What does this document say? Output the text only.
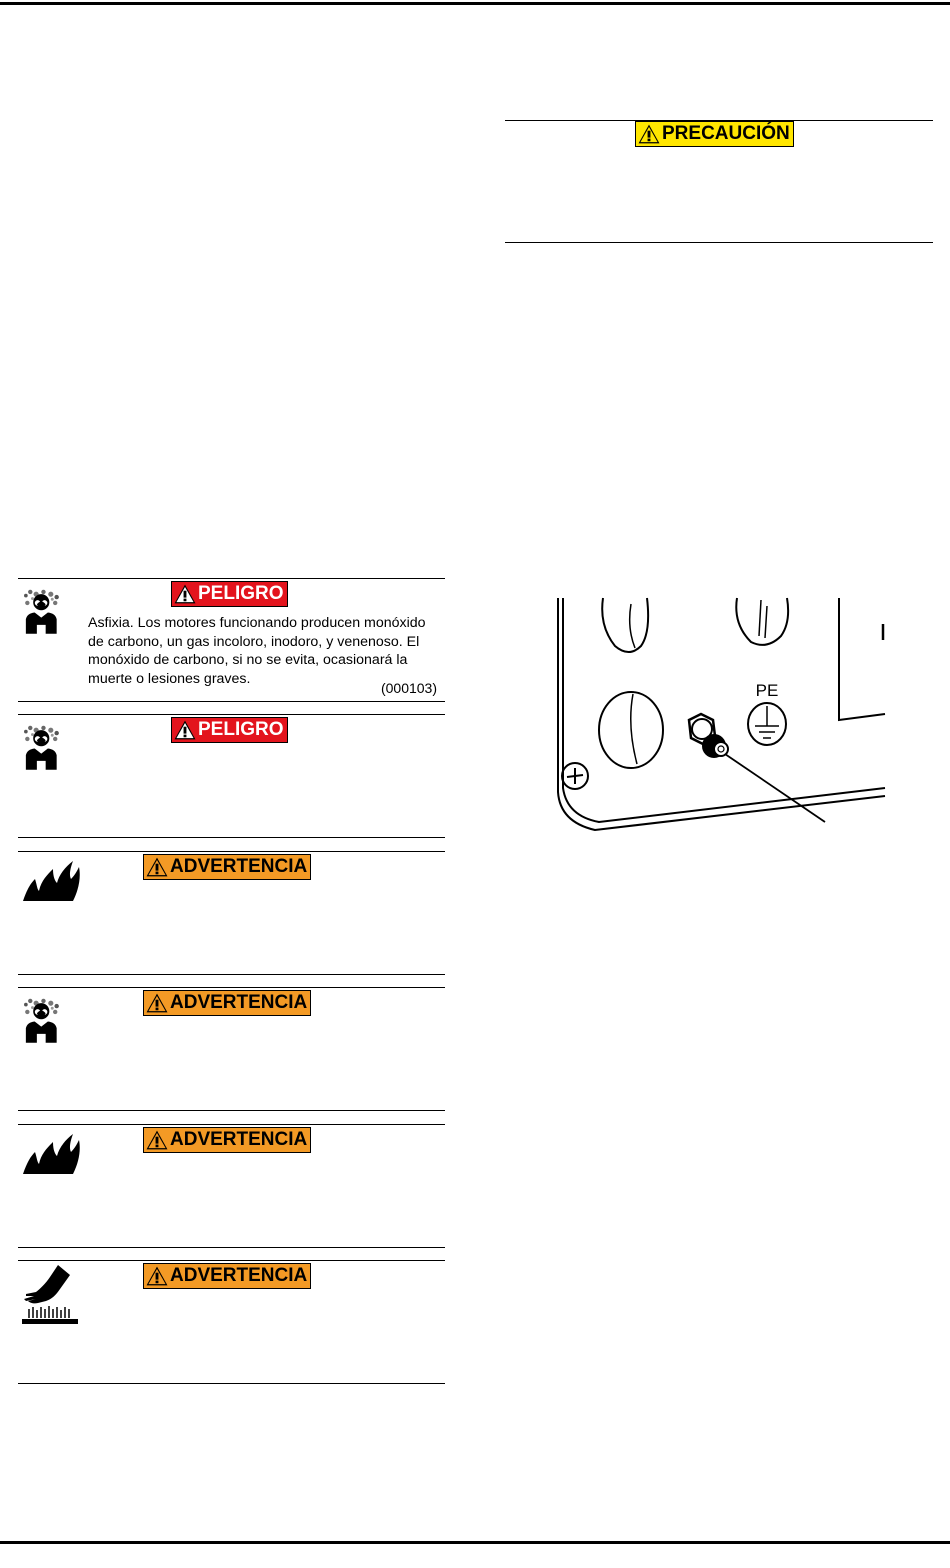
PRECAUCIÓN
PELIGRO
Asfixia. Los motores funcionando producen monóxido de carbono, un gas incoloro, inodoro, y venenoso. El monóxido de carbono, si no se evita, ocasionará la muerte o lesiones graves.
(000103)
PELIGRO
ADVERTENCIA
ADVERTENCIA
ADVERTENCIA
ADVERTENCIA
PE
